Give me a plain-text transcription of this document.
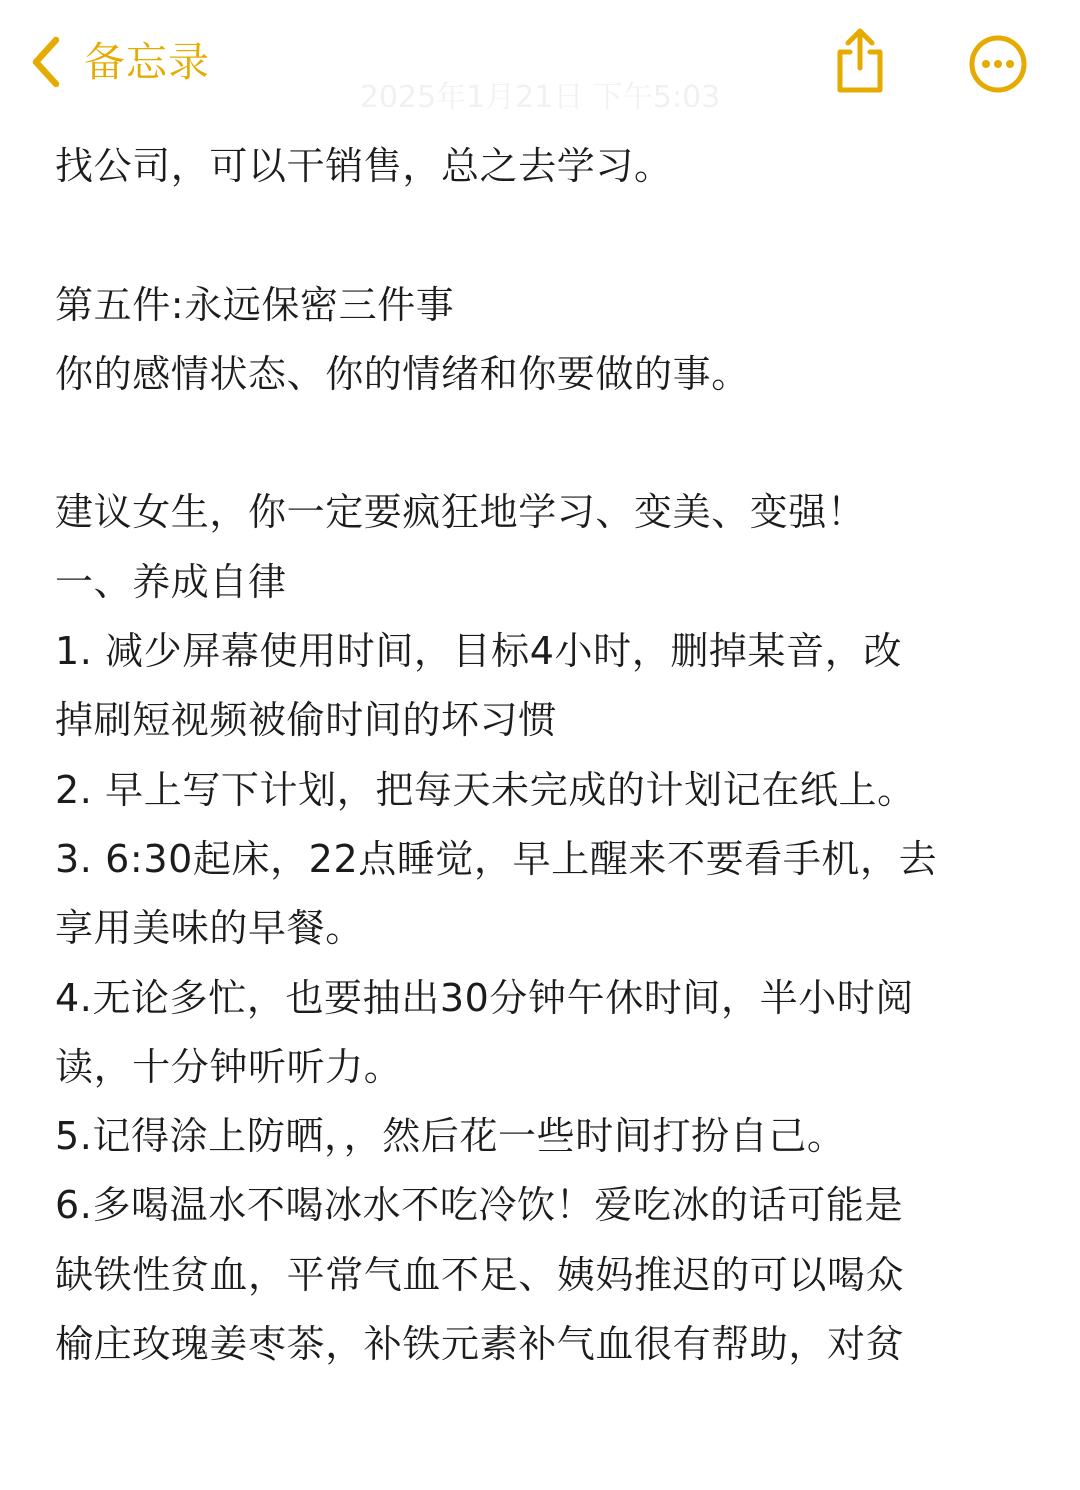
备忘录
2025年1月21日 下午5:03
找公司，可以干销售，总之去学习。
第五件:永远保密三件事
你的感情状态、你的情绪和你要做的事。
建议女生，你一定要疯狂地学习、变美、变强！
一、养成自律
1. 减少屏幕使用时间，目标4小时，删掉某音，改
掉刷短视频被偷时间的坏习惯
2. 早上写下计划，把每天未完成的计划记在纸上。
3. 6:30起床，22点睡觉，早上醒来不要看手机，去
享用美味的早餐。
4.无论多忙，也要抽出30分钟午休时间，半小时阅
读，十分钟听听力。
5.记得涂上防晒，，然后花一些时间打扮自己。
6.多喝温水不喝冰水不吃冷饮！爱吃冰的话可能是
缺铁性贫血，平常气血不足、姨妈推迟的可以喝众
榆庄玫瑰姜枣茶，补铁元素补气血很有帮助，对贫
